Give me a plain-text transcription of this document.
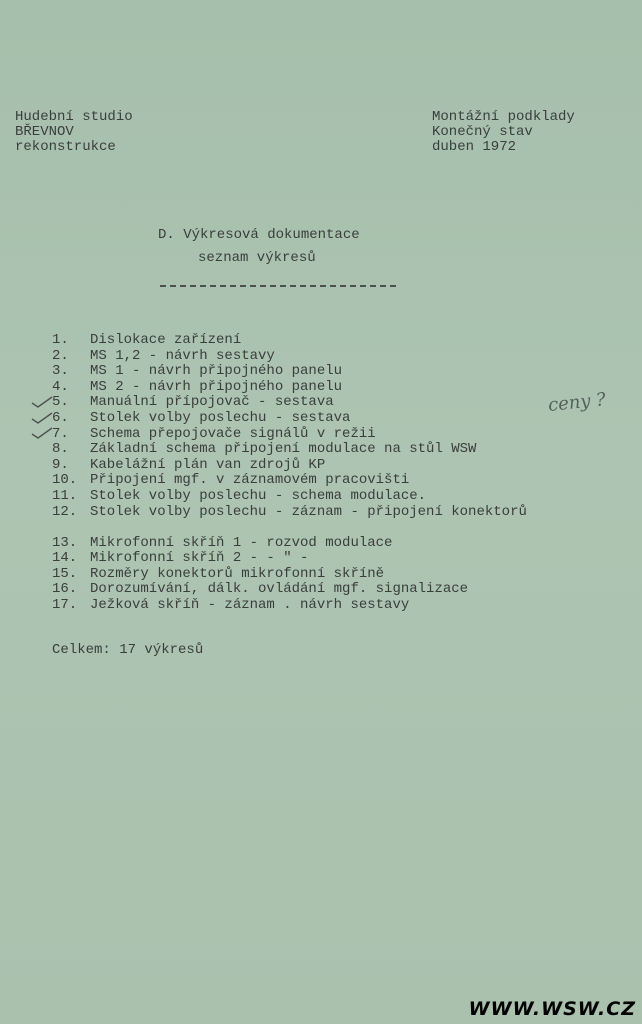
Hudební studio
BŘEVNOV
rekonstrukce
Montážní podklady
Konečný stav
duben 1972
D. Výkresová dokumentace
seznam výkresů
1.	Dislokace zařízení
2.	MS 1,2 - návrh sestavy
3.	MS 1 - návrh připojného panelu
4.	MS 2 - návrh připojného panelu
5.	Manuální přípojovač - sestava
6.	Stolek volby poslechu - sestava
7.	Schema přepojovače signálů v režii
8.	Základní schema připojení modulace na stůl WSW
9.	Kabelážní plán van zdrojů KP
10. Připojení mgf. v záznamovém pracovišti
11. Stolek volby poslechu - schema modulace.
12. Stolek volby poslechu - záznam - připojení konektorů
13. Mikrofonní skříň 1 - rozvod modulace
14. Mikrofonní skříň 2 - - " -
15. Rozměry konektorů mikrofonní skříně
16. Dorozumívání, dálk. ovládání mgf. signalizace
17. Ježková skříň - záznam . návrh sestavy
ceny ?
Celkem: 17 výkresů
WWW.WSW.CZ
